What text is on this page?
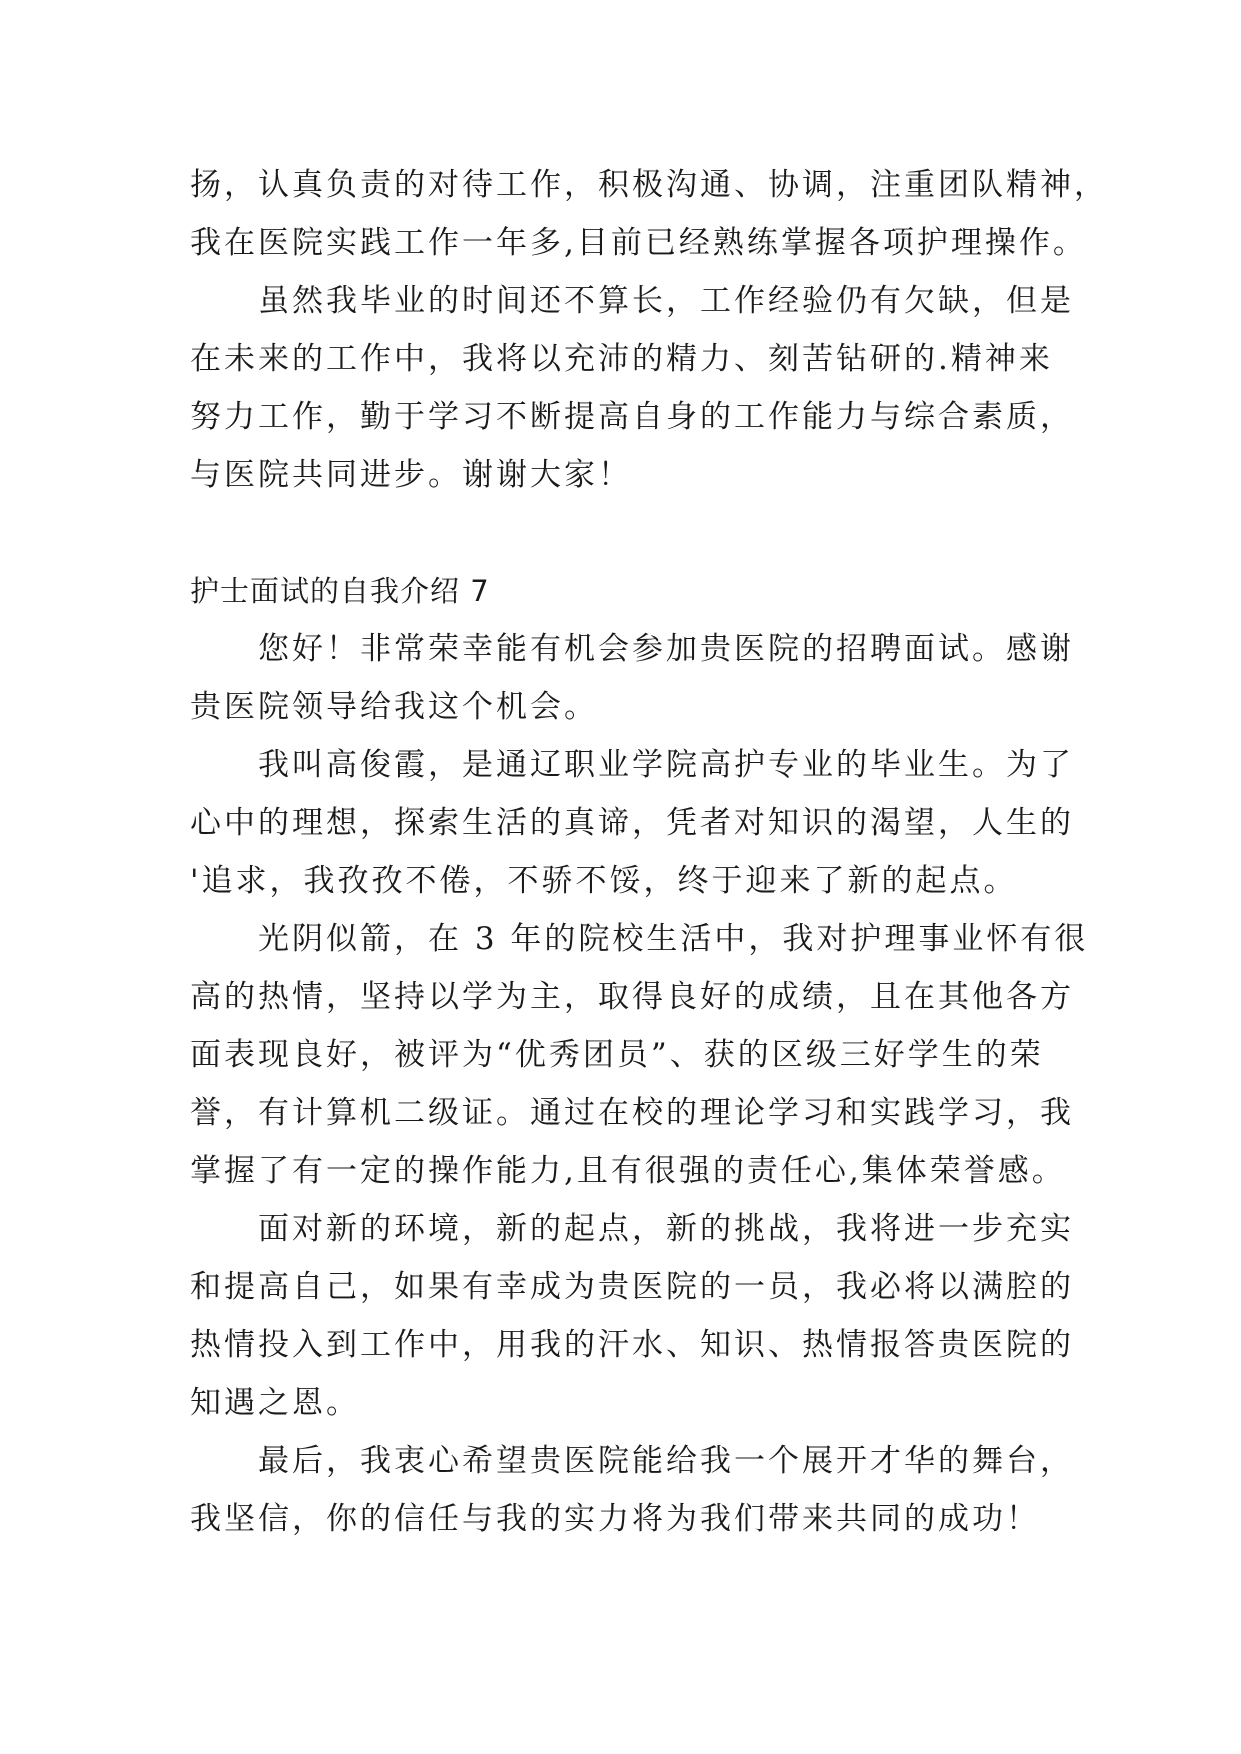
扬，认真负责的对待工作，积极沟通、协调，注重团队精神，
我在医院实践工作一年多,目前已经熟练掌握各项护理操作。
虽然我毕业的时间还不算长，工作经验仍有欠缺，但是
在未来的工作中，我将以充沛的精力、刻苦钻研的.精神来
努力工作，勤于学习不断提高自身的工作能力与综合素质，
与医院共同进步。谢谢大家！
护士面试的自我介绍 7
您好！非常荣幸能有机会参加贵医院的招聘面试。感谢
贵医院领导给我这个机会。
我叫高俊霞，是通辽职业学院高护专业的毕业生。为了
心中的理想，探索生活的真谛，凭者对知识的渴望，人生的
'追求，我孜孜不倦，不骄不馁，终于迎来了新的起点。
光阴似箭，在 3 年的院校生活中，我对护理事业怀有很
高的热情，坚持以学为主，取得良好的成绩，且在其他各方
面表现良好，被评为“优秀团员”、获的区级三好学生的荣
誉，有计算机二级证。通过在校的理论学习和实践学习，我
掌握了有一定的操作能力,且有很强的责任心,集体荣誉感。
面对新的环境，新的起点，新的挑战，我将进一步充实
和提高自己，如果有幸成为贵医院的一员，我必将以满腔的
热情投入到工作中，用我的汗水、知识、热情报答贵医院的
知遇之恩。
最后，我衷心希望贵医院能给我一个展开才华的舞台，
我坚信，你的信任与我的实力将为我们带来共同的成功！
